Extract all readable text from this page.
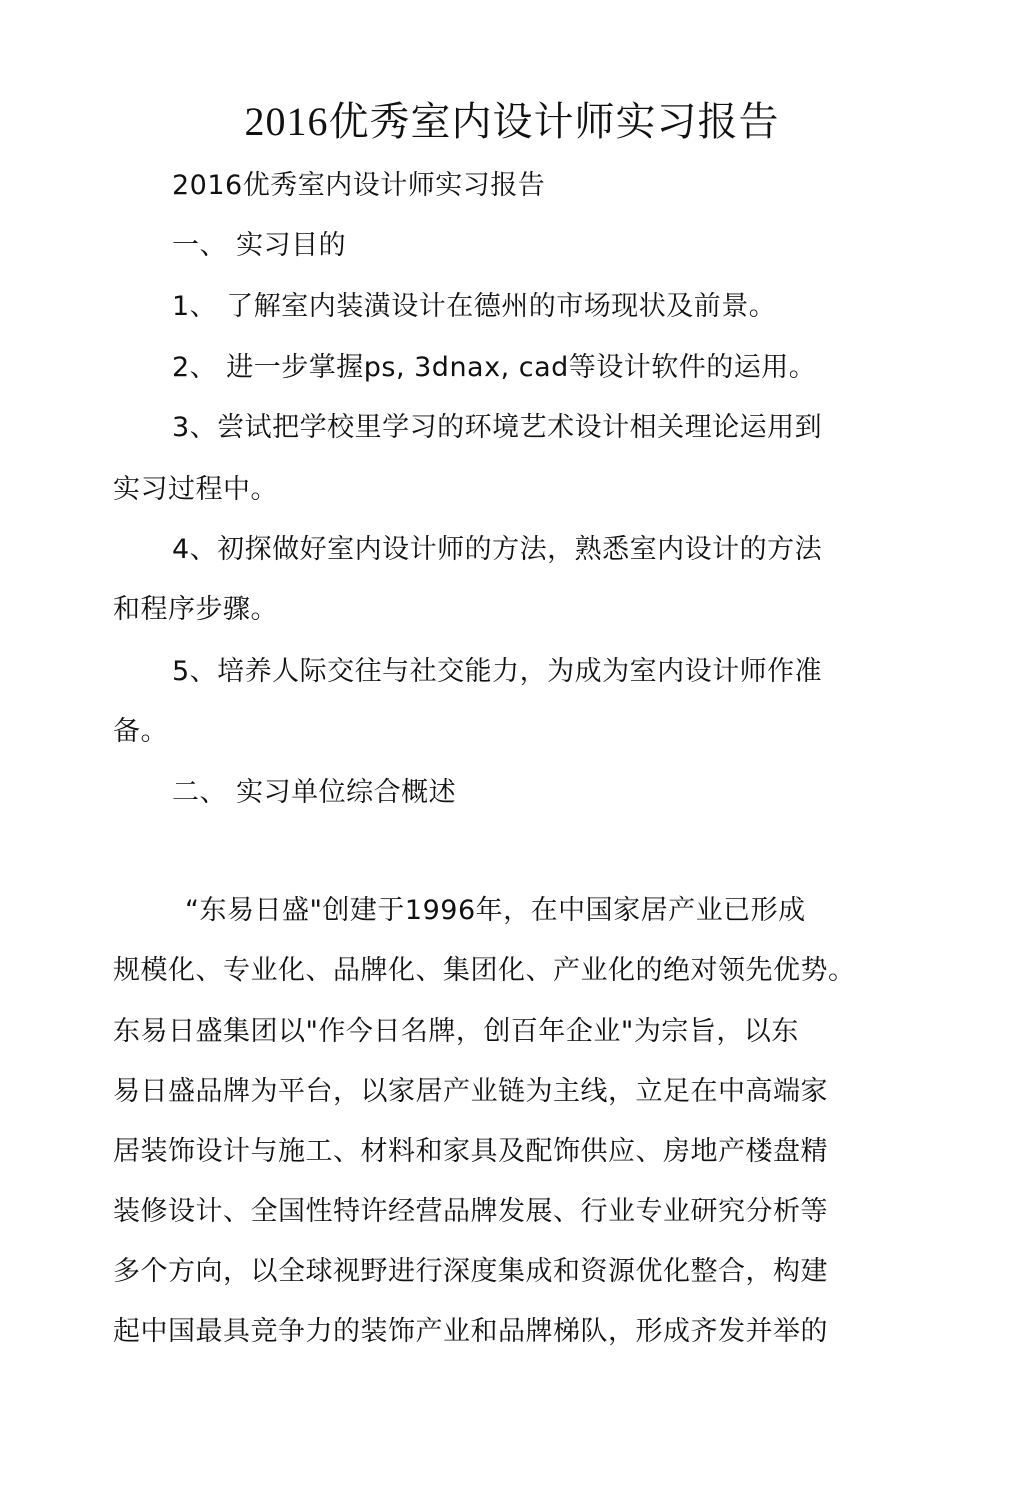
2016优秀室内设计师实习报告
2016优秀室内设计师实习报告
一、 实习目的
1、 了解室内装潢设计在德州的市场现状及前景。
2、 进一步掌握ps, 3dnax, cad等设计软件的运用。
3、尝试把学校里学习的环境艺术设计相关理论运用到
实习过程中。
4、初探做好室内设计师的方法，熟悉室内设计的方法
和程序步骤。
5、培养人际交往与社交能力，为成为室内设计师作准
备。
二、 实习单位综合概述
“东易日盛"创建于1996年，在中国家居产业已形成
规模化、专业化、品牌化、集团化、产业化的绝对领先优势。
东易日盛集团以"作今日名牌，创百年企业"为宗旨，以东
易日盛品牌为平台，以家居产业链为主线，立足在中高端家
居装饰设计与施工、材料和家具及配饰供应、房地产楼盘精
装修设计、全国性特许经营品牌发展、行业专业研究分析等
多个方向，以全球视野进行深度集成和资源优化整合，构建
起中国最具竞争力的装饰产业和品牌梯队，形成齐发并举的
